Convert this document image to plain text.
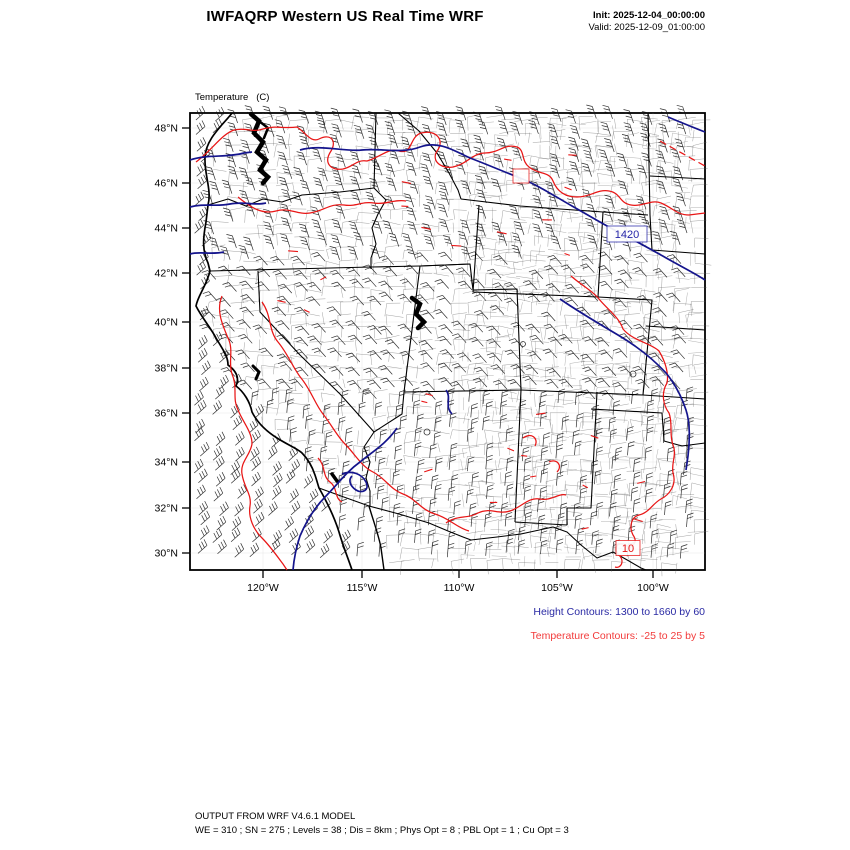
IWFAQRP Western US Real Time WRF	Init: 2025-12-04_00:00:00
Valid: 2025-12-09_01:00:00

Temperature   (C)

1420
10
48°N
46°N
44°N
42°N
40°N
38°N
36°N
34°N
32°N
30°N
120°W	115°W	110°W	105°W	100°W
Height Contours: 1300 to 1660 by 60
Temperature Contours: -25 to 25 by 5
OUTPUT FROM WRF V4.6.1 MODEL
WE = 310 ; SN = 275 ; Levels = 38 ; Dis = 8km ; Phys Opt = 8 ; PBL Opt = 1 ; Cu Opt = 3
